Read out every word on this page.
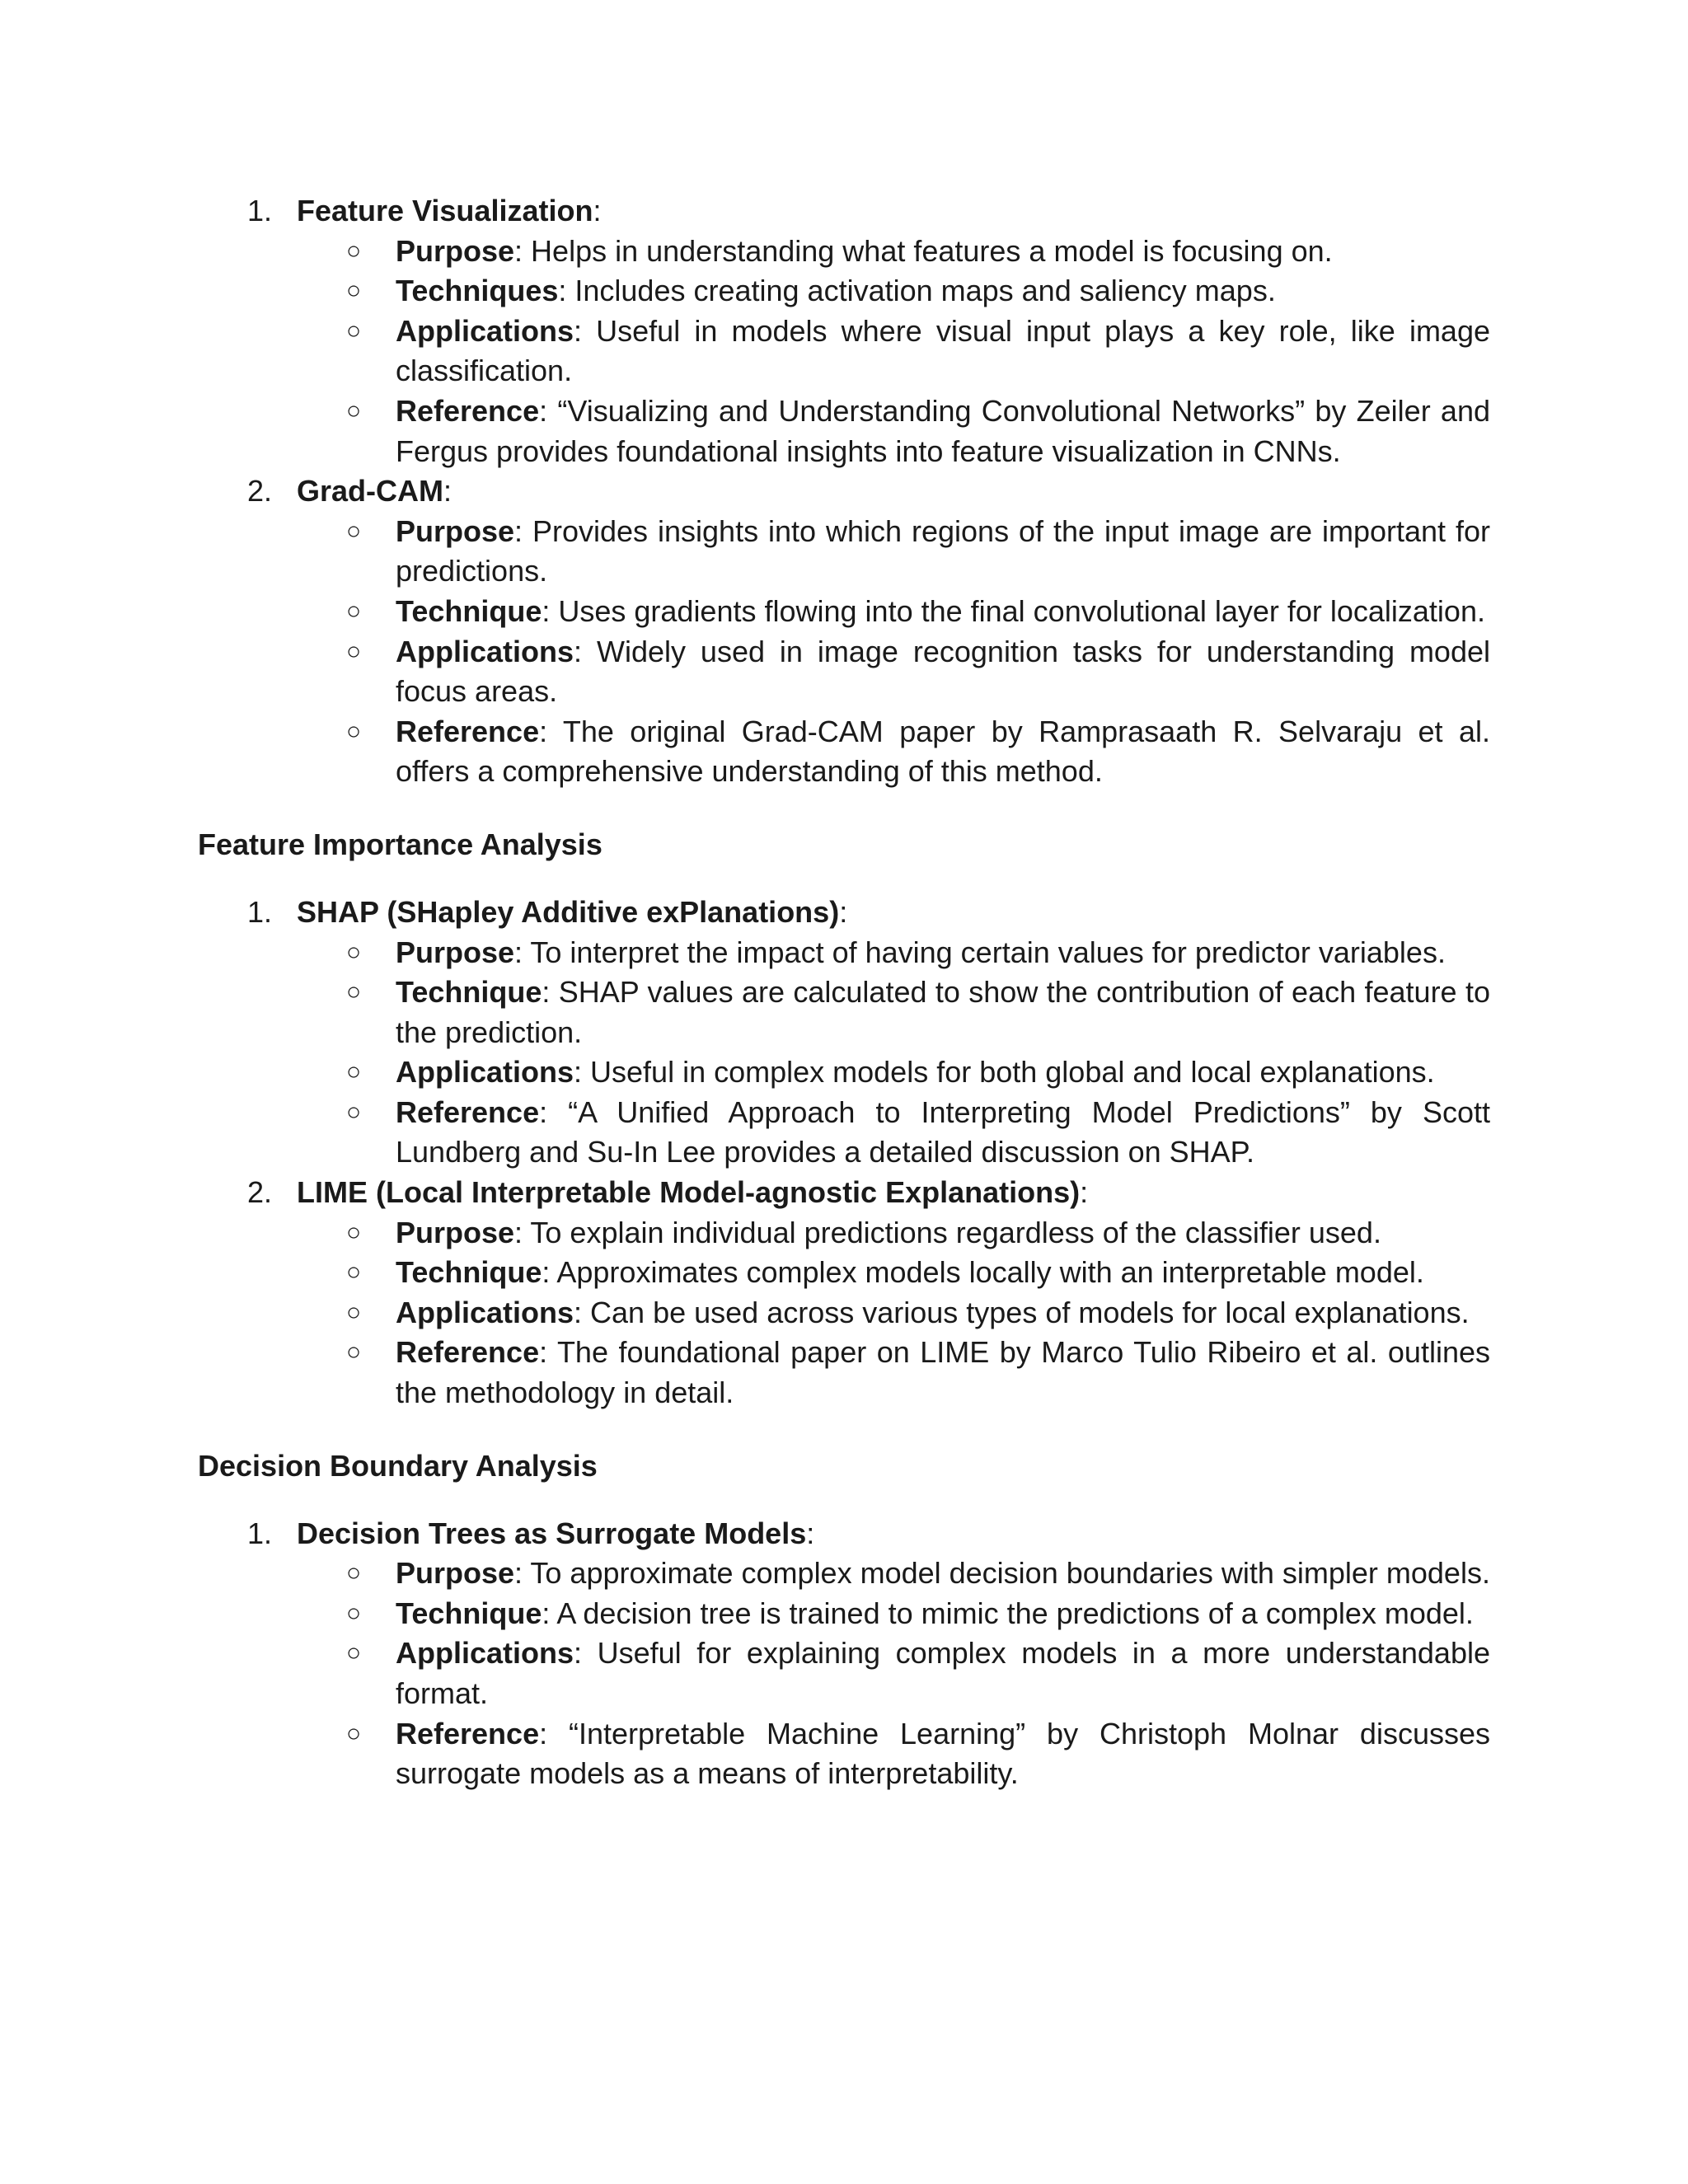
1. Feature Visualization:
○ Purpose: Helps in understanding what features a model is focusing on.
○ Techniques: Includes creating activation maps and saliency maps.
○ Applications: Useful in models where visual input plays a key role, like image classification.
○ Reference: “Visualizing and Understanding Convolutional Networks” by Zeiler and Fergus provides foundational insights into feature visualization in CNNs.
2. Grad-CAM:
○ Purpose: Provides insights into which regions of the input image are important for predictions.
○ Technique: Uses gradients flowing into the final convolutional layer for localization.
○ Applications: Widely used in image recognition tasks for understanding model focus areas.
○ Reference: The original Grad-CAM paper by Ramprasaath R. Selvaraju et al. offers a comprehensive understanding of this method.
Feature Importance Analysis
1. SHAP (SHapley Additive exPlanations):
○ Purpose: To interpret the impact of having certain values for predictor variables.
○ Technique: SHAP values are calculated to show the contribution of each feature to the prediction.
○ Applications: Useful in complex models for both global and local explanations.
○ Reference: “A Unified Approach to Interpreting Model Predictions” by Scott Lundberg and Su-In Lee provides a detailed discussion on SHAP.
2. LIME (Local Interpretable Model-agnostic Explanations):
○ Purpose: To explain individual predictions regardless of the classifier used.
○ Technique: Approximates complex models locally with an interpretable model.
○ Applications: Can be used across various types of models for local explanations.
○ Reference: The foundational paper on LIME by Marco Tulio Ribeiro et al. outlines the methodology in detail.
Decision Boundary Analysis
1. Decision Trees as Surrogate Models:
○ Purpose: To approximate complex model decision boundaries with simpler models.
○ Technique: A decision tree is trained to mimic the predictions of a complex model.
○ Applications: Useful for explaining complex models in a more understandable format.
○ Reference: “Interpretable Machine Learning” by Christoph Molnar discusses surrogate models as a means of interpretability.
